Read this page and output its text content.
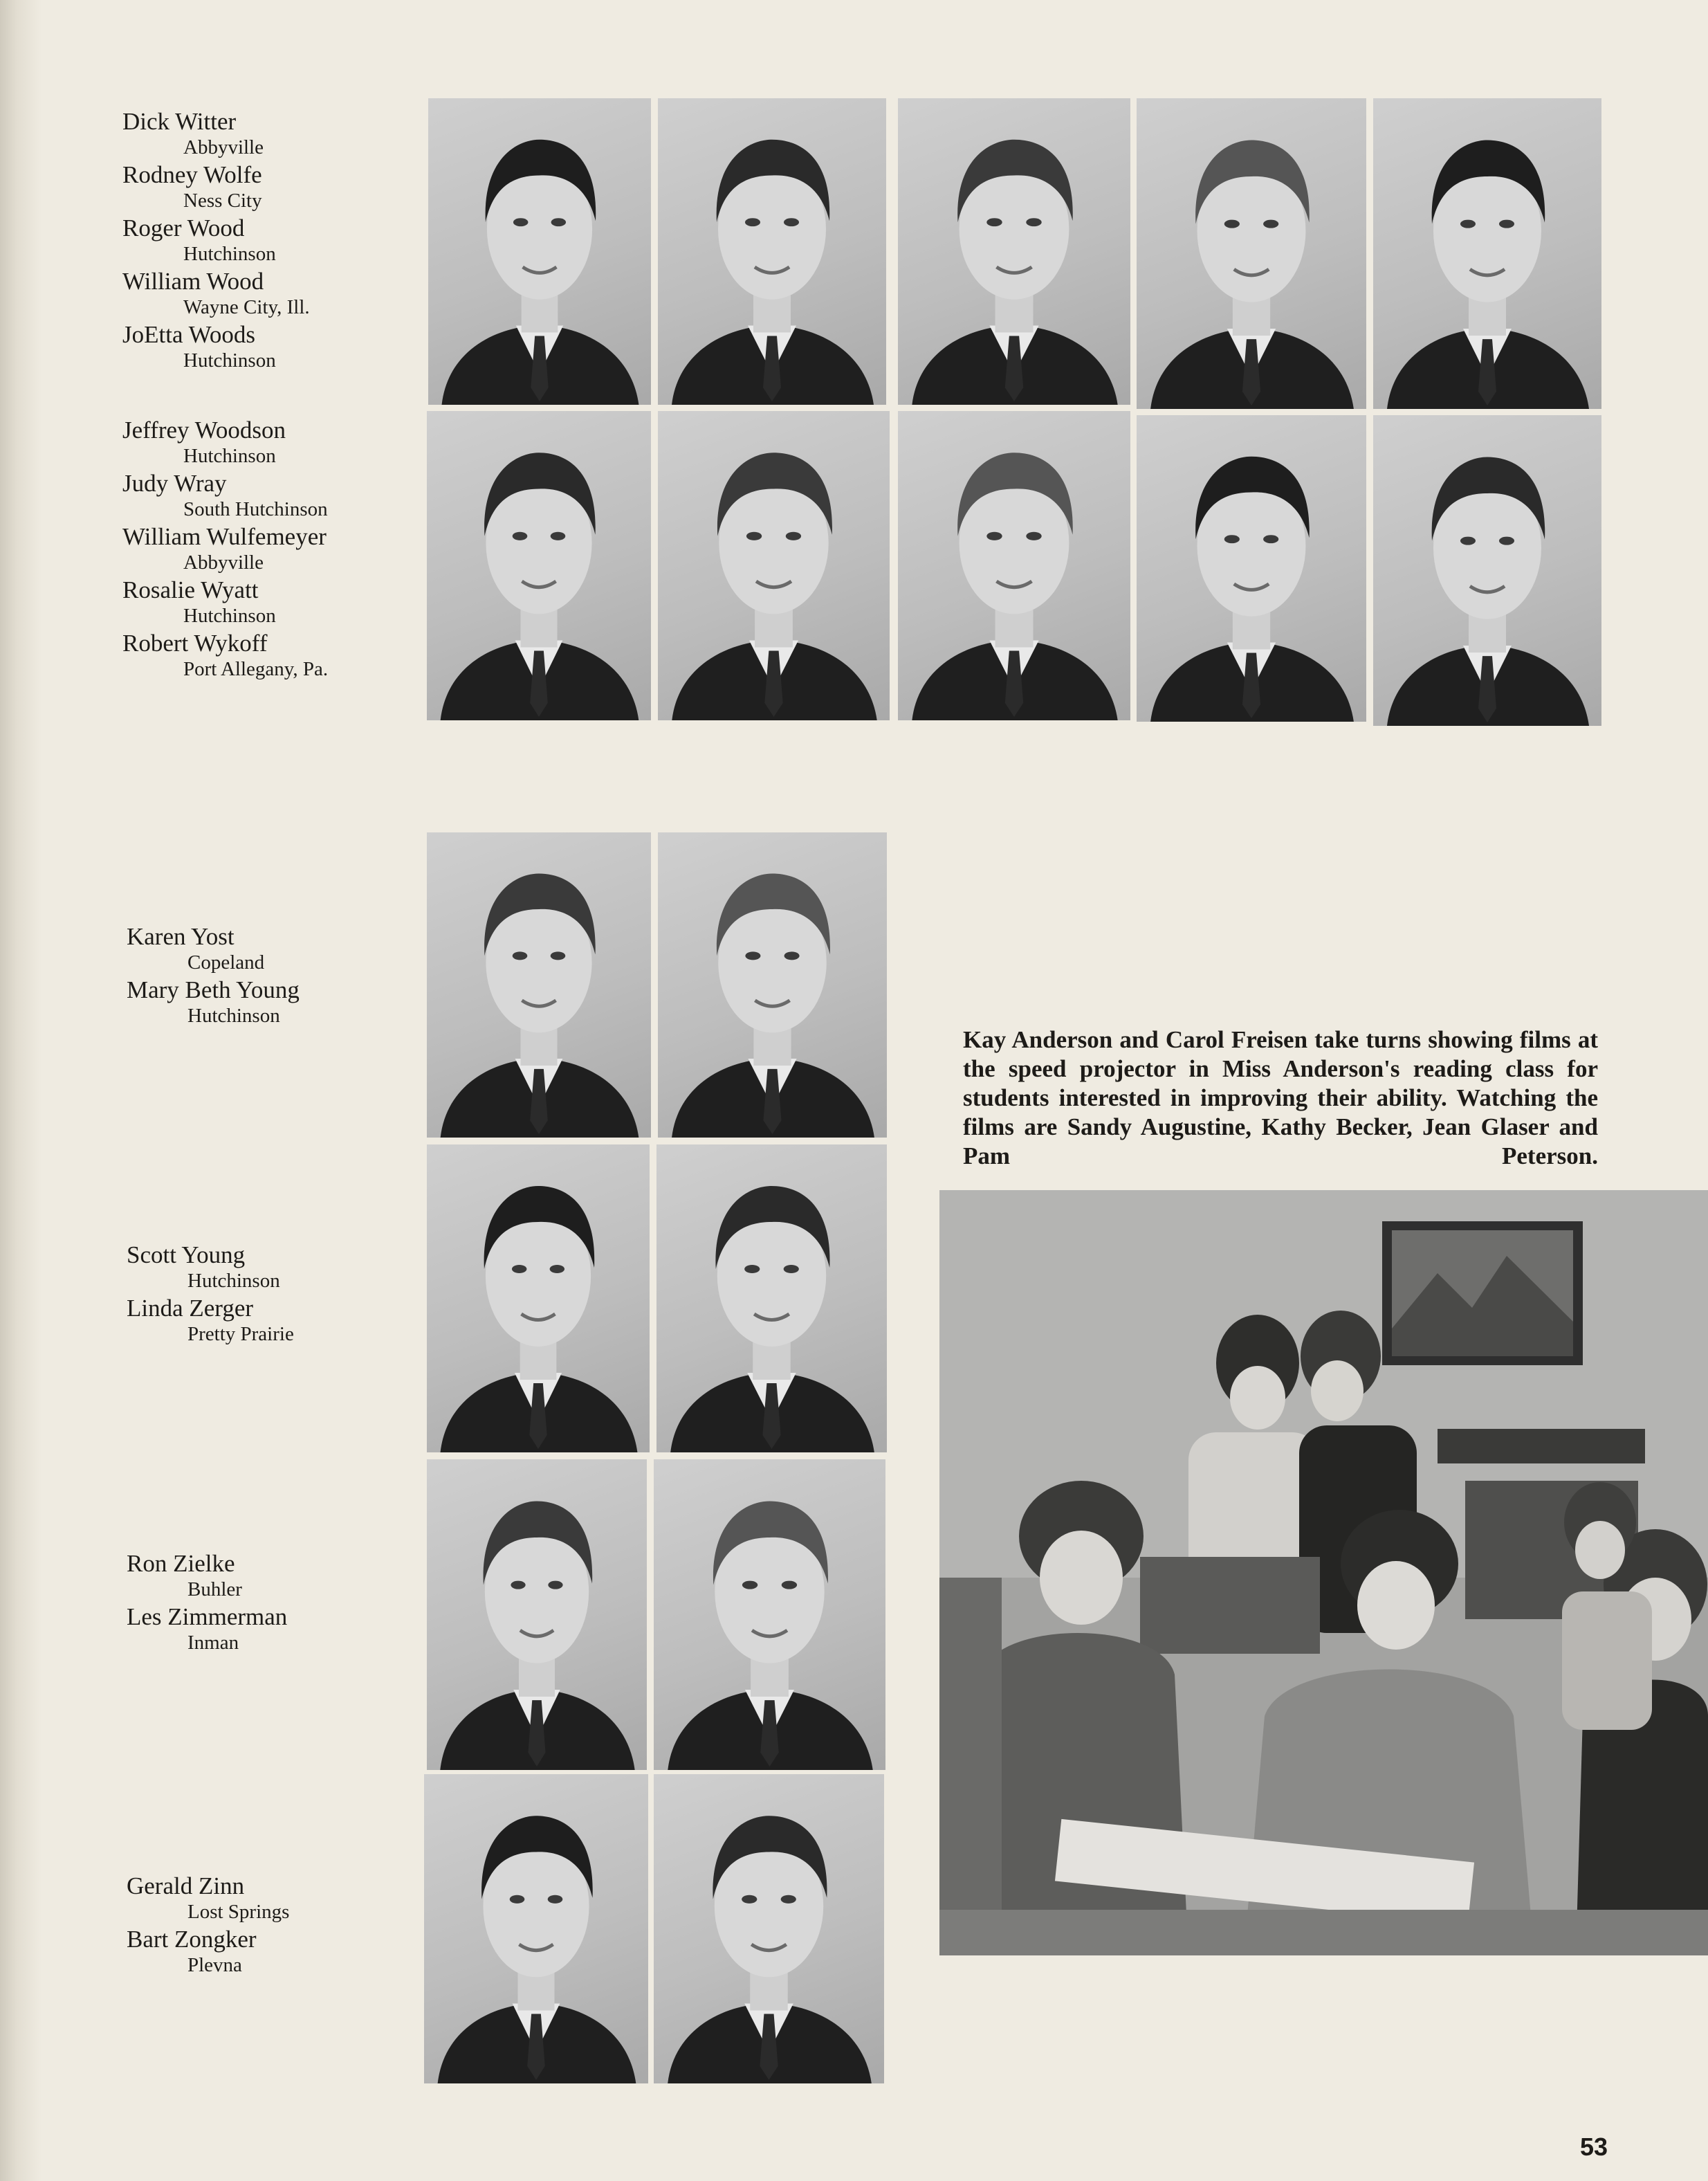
Dick Witter
Abbyville
Rodney Wolfe
Ness City
Roger Wood
Hutchinson
William Wood
Wayne City, Ill.
JoEtta Woods
Hutchinson
Jeffrey Woodson
Hutchinson
Judy Wray
South Hutchinson
William Wulfemeyer
Abbyville
Rosalie Wyatt
Hutchinson
Robert Wykoff
Port Allegany, Pa.
Karen Yost
Copeland
Mary Beth Young
Hutchinson
Scott Young
Hutchinson
Linda Zerger
Pretty Prairie
Ron Zielke
Buhler
Les Zimmerman
Inman
Gerald Zinn
Lost Springs
Bart Zongker
Plevna
Kay Anderson and Carol Freisen take turns showing films at the speed projector in Miss Anderson's reading class for students interested in improving their ability. Watching the films are Sandy Augustine, Kathy Becker, Jean Glaser and Pam Peterson.
53
